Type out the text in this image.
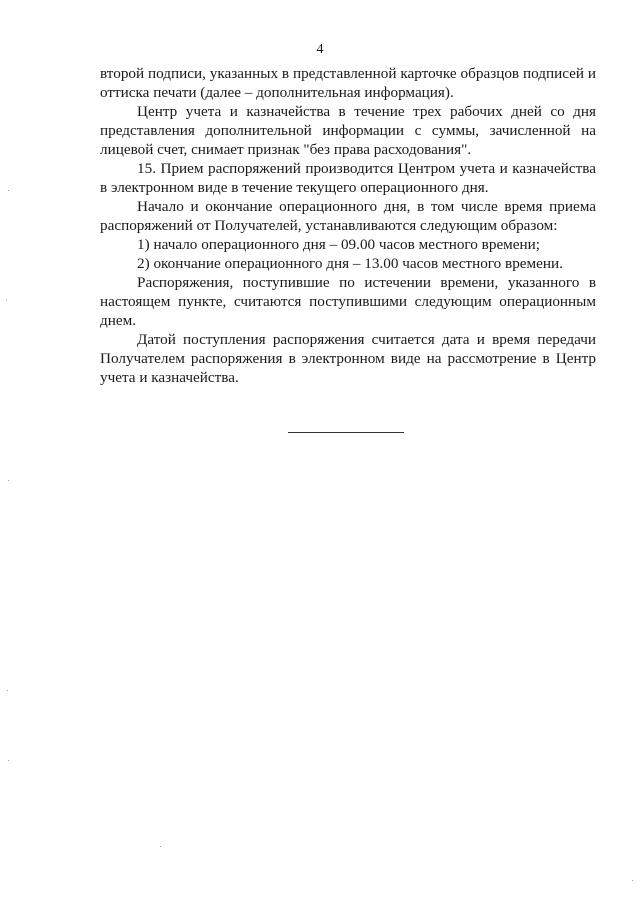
4

второй подписи, указанных в представленной карточке образцов подписей и оттиска печати (далее – дополнительная информация).

Центр учета и казначейства в течение трех рабочих дней со дня представления дополнительной информации с суммы, зачисленной на лицевой счет, снимает признак "без права расходования".

15. Прием распоряжений производится Центром учета и казначейства в электронном виде в течение текущего операционного дня.

Начало и окончание операционного дня, в том числе время приема распоряжений от Получателей, устанавливаются следующим образом:

1) начало операционного дня – 09.00 часов местного времени;

2) окончание операционного дня – 13.00 часов местного времени.

Распоряжения, поступившие по истечении времени, указанного в настоящем пункте, считаются поступившими следующим операционным днем.

Датой поступления распоряжения считается дата и время передачи Получателем распоряжения в электронном виде на рассмотрение в Центр учета и казначейства.
